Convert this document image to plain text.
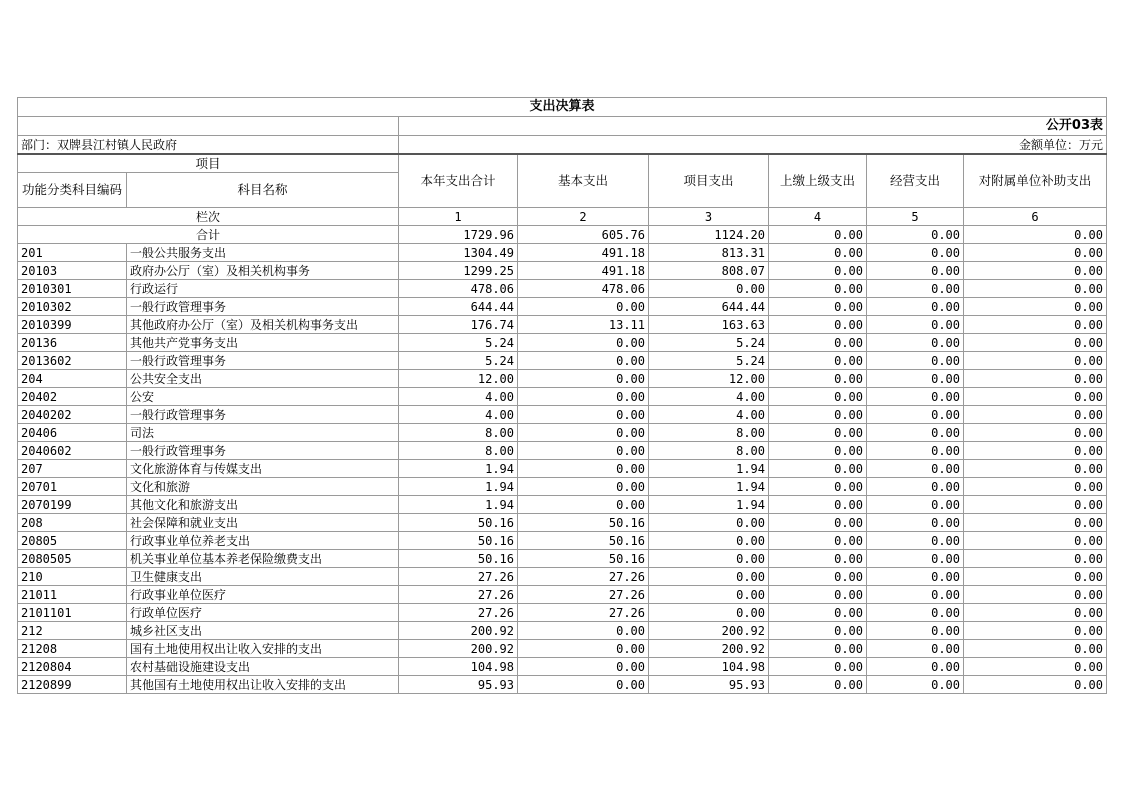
支出决算表							
		公开03表					
部门：双牌县江村镇人民政府		金额单位：万元					
项目		本年支出合计	基本支出	项目支出	上缴上级支出	经营支出	对附属单位补助支出
功能分类科目编码	科目名称						

栏次		1	2	3	4	5	6
合计		1729.96	605.76	1124.20	0.00	0.00	0.00
201	一般公共服务支出	1304.49	491.18	813.31	0.00	0.00	0.00
20103	政府办公厅（室）及相关机构事务	1299.25	491.18	808.07	0.00	0.00	0.00
2010301	行政运行	478.06	478.06	0.00	0.00	0.00	0.00
2010302	一般行政管理事务	644.44	0.00	644.44	0.00	0.00	0.00
2010399	其他政府办公厅（室）及相关机构事务支出	176.74	13.11	163.63	0.00	0.00	0.00
20136	其他共产党事务支出	5.24	0.00	5.24	0.00	0.00	0.00
2013602	一般行政管理事务	5.24	0.00	5.24	0.00	0.00	0.00
204	公共安全支出	12.00	0.00	12.00	0.00	0.00	0.00
20402	公安	4.00	0.00	4.00	0.00	0.00	0.00
2040202	一般行政管理事务	4.00	0.00	4.00	0.00	0.00	0.00
20406	司法	8.00	0.00	8.00	0.00	0.00	0.00
2040602	一般行政管理事务	8.00	0.00	8.00	0.00	0.00	0.00
207	文化旅游体育与传媒支出	1.94	0.00	1.94	0.00	0.00	0.00
20701	文化和旅游	1.94	0.00	1.94	0.00	0.00	0.00
2070199	其他文化和旅游支出	1.94	0.00	1.94	0.00	0.00	0.00
208	社会保障和就业支出	50.16	50.16	0.00	0.00	0.00	0.00
20805	行政事业单位养老支出	50.16	50.16	0.00	0.00	0.00	0.00
2080505	机关事业单位基本养老保险缴费支出	50.16	50.16	0.00	0.00	0.00	0.00
210	卫生健康支出	27.26	27.26	0.00	0.00	0.00	0.00
21011	行政事业单位医疗	27.26	27.26	0.00	0.00	0.00	0.00
2101101	行政单位医疗	27.26	27.26	0.00	0.00	0.00	0.00
212	城乡社区支出	200.92	0.00	200.92	0.00	0.00	0.00
21208	国有土地使用权出让收入安排的支出	200.92	0.00	200.92	0.00	0.00	0.00
2120804	农村基础设施建设支出	104.98	0.00	104.98	0.00	0.00	0.00
2120899	其他国有土地使用权出让收入安排的支出	95.93	0.00	95.93	0.00	0.00	0.00
